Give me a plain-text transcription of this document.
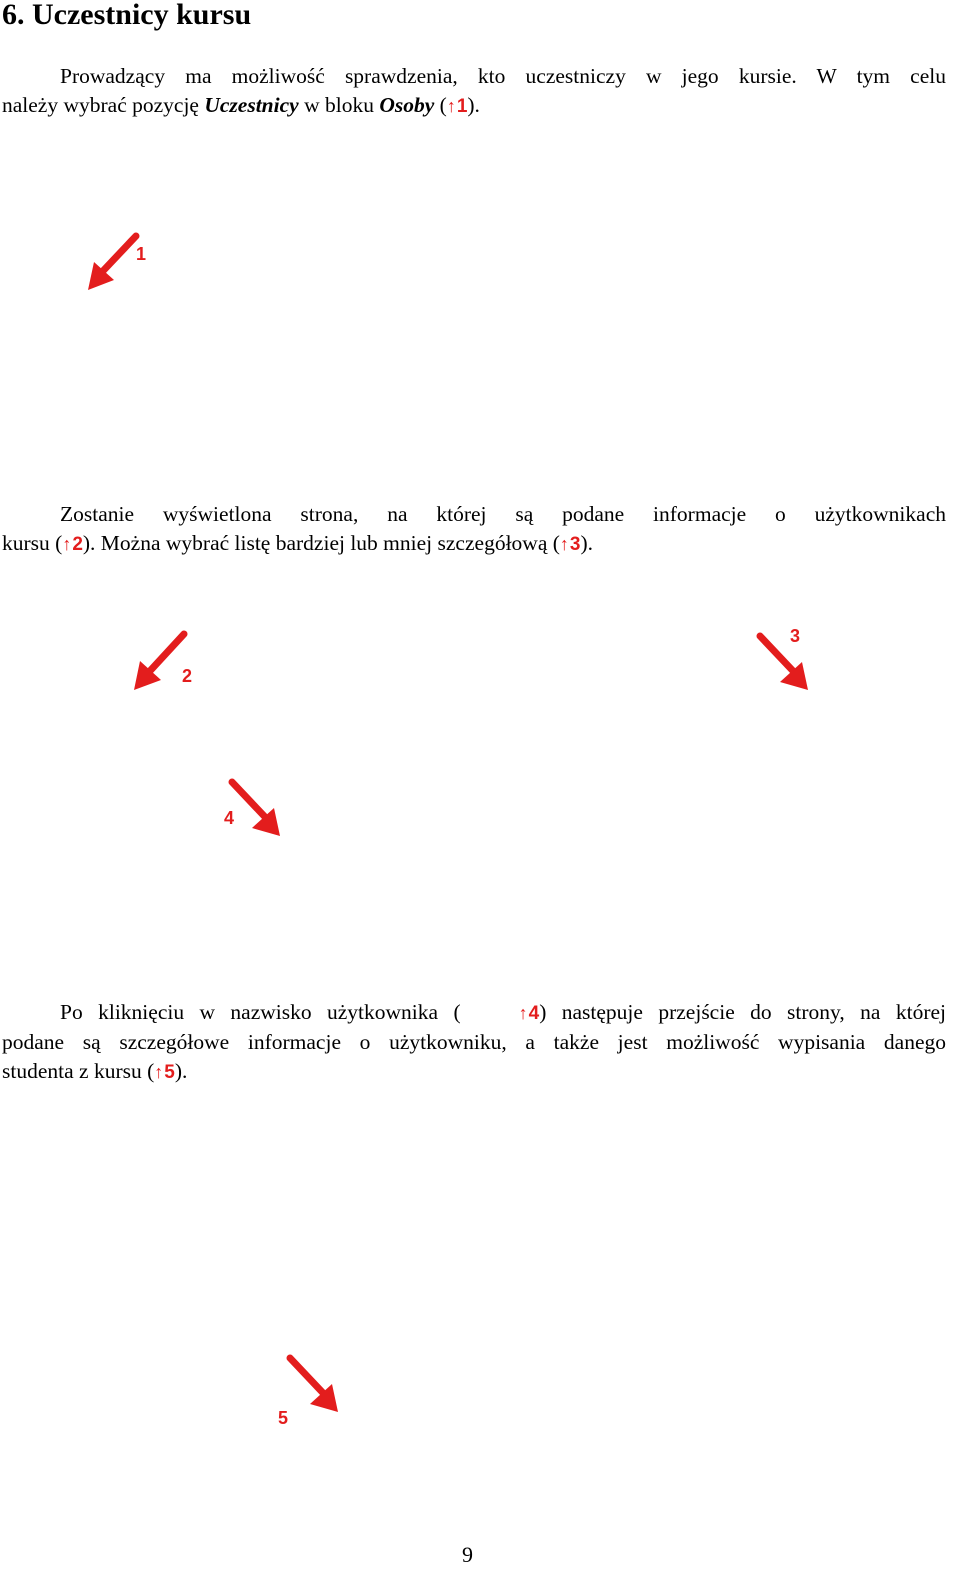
6. Uczestnicy kursu

Prowadzący ma możliwość sprawdzenia, kto uczestniczy w jego kursie. W tym celu
należy wybrać pozycję Uczestnicy w bloku Osoby (↑1).

1

Zostanie wyświetlona strona, na której są podane informacje o użytkownikach
kursu (↑2). Można wybrać listę bardziej lub mniej szczegółową (↑3).

2
3
4

Po kliknięciu w nazwisko użytkownika (	↑4) następuje przejście do strony, na której
podane są szczegółowe informacje o użytkowniku, a także jest możliwość wypisania danego
studenta z kursu (↑5).

5
9
